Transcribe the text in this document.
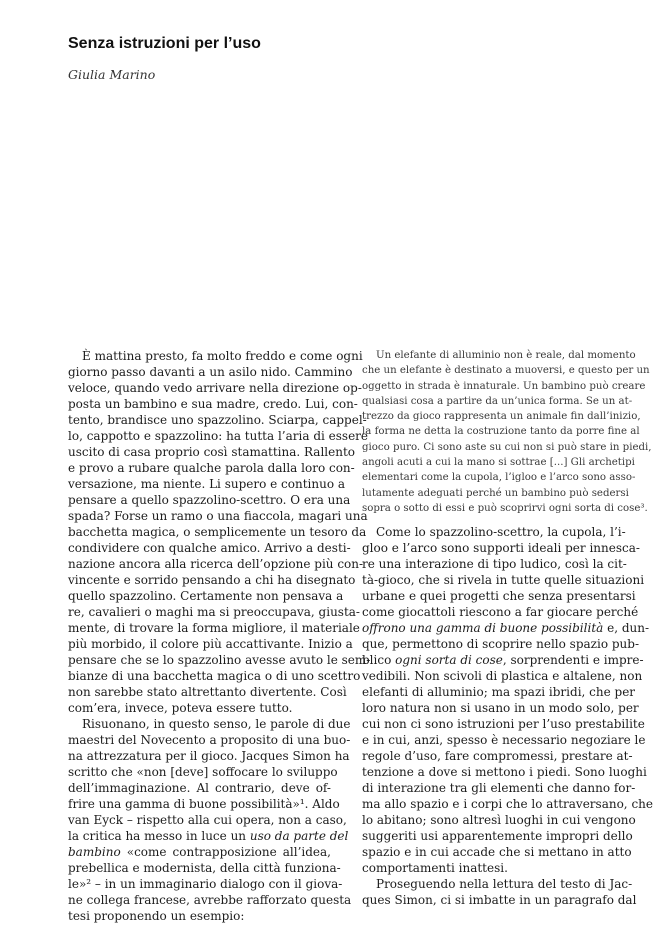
Senza istruzioni per l’uso

Giulia Marino

È mattina presto, fa molto freddo e come ogni
giorno passo davanti a un asilo nido. Cammino
veloce, quando vedo arrivare nella direzione op-
posta un bambino e sua madre, credo. Lui, con-
tento, brandisce uno spazzolino. Sciarpa, cappel-
lo, cappotto e spazzolino: ha tutta l’aria di essere
uscito di casa proprio così stamattina. Rallento
e provo a rubare qualche parola dalla loro con-
versazione, ma niente. Li supero e continuo a
pensare a quello spazzolino-scettro. O era una
spada? Forse un ramo o una fiaccola, magari una
bacchetta magica, o semplicemente un tesoro da
condividere con qualche amico. Arrivo a desti-
nazione ancora alla ricerca dell’opzione più con-
vincente e sorrido pensando a chi ha disegnato
quello spazzolino. Certamente non pensava a
re, cavalieri o maghi ma si preoccupava, giusta-
mente, di trovare la forma migliore, il materiale
più morbido, il colore più accattivante. Inizio a
pensare che se lo spazzolino avesse avuto le sem-
bianze di una bacchetta magica o di uno scettro
non sarebbe stato altrettanto divertente. Così
com’era, invece, poteva essere tutto.
Risuonano, in questo senso, le parole di due
maestri del Novecento a proposito di una buo-
na attrezzatura per il gioco. Jacques Simon ha
scritto che «non [deve] soffocare lo sviluppo
dell’immaginazione. Al contrario, deve of-
frire una gamma di buone possibilità»¹. Aldo
van Eyck – rispetto alla cui opera, non a caso,
la critica ha messo in luce un uso da parte del
bambino «come contrapposizione all’idea,
prebellica e modernista, della città funziona-
le»² – in un immaginario dialogo con il giova-
ne collega francese, avrebbe rafforzato questa
tesi proponendo un esempio:
Un elefante di alluminio non è reale, dal momento
che un elefante è destinato a muoversi, e questo per un
oggetto in strada è innaturale. Un bambino può creare
qualsiasi cosa a partire da un’unica forma. Se un at-
trezzo da gioco rappresenta un animale fin dall’inizio,
la forma ne detta la costruzione tanto da porre fine al
gioco puro. Ci sono aste su cui non si può stare in piedi,
angoli acuti a cui la mano si sottrae [...] Gli archetipi
elementari come la cupola, l’igloo e l’arco sono asso-
lutamente adeguati perché un bambino può sedersi
sopra o sotto di essi e può scoprirvi ogni sorta di cose³.
Come lo spazzolino-scettro, la cupola, l’i-
gloo e l’arco sono supporti ideali per innesca-
re una interazione di tipo ludico, così la cit-
tà-gioco, che si rivela in tutte quelle situazioni
urbane e quei progetti che senza presentarsi
come giocattoli riescono a far giocare perché
offrono una gamma di buone possibilità e, dun-
que, permettono di scoprire nello spazio pub-
blico ogni sorta di cose, sorprendenti e impre-
vedibili. Non scivoli di plastica e altalene, non
elefanti di alluminio; ma spazi ibridi, che per
loro natura non si usano in un modo solo, per
cui non ci sono istruzioni per l’uso prestabilite
e in cui, anzi, spesso è necessario negoziare le
regole d’uso, fare compromessi, prestare at-
tenzione a dove si mettono i piedi. Sono luoghi
di interazione tra gli elementi che danno for-
ma allo spazio e i corpi che lo attraversano, che
lo abitano; sono altresì luoghi in cui vengono
suggeriti usi apparentemente impropri dello
spazio e in cui accade che si mettano in atto
comportamenti inattesi.
Proseguendo nella lettura del testo di Jac-
ques Simon, ci si imbatte in un paragrafo dal
